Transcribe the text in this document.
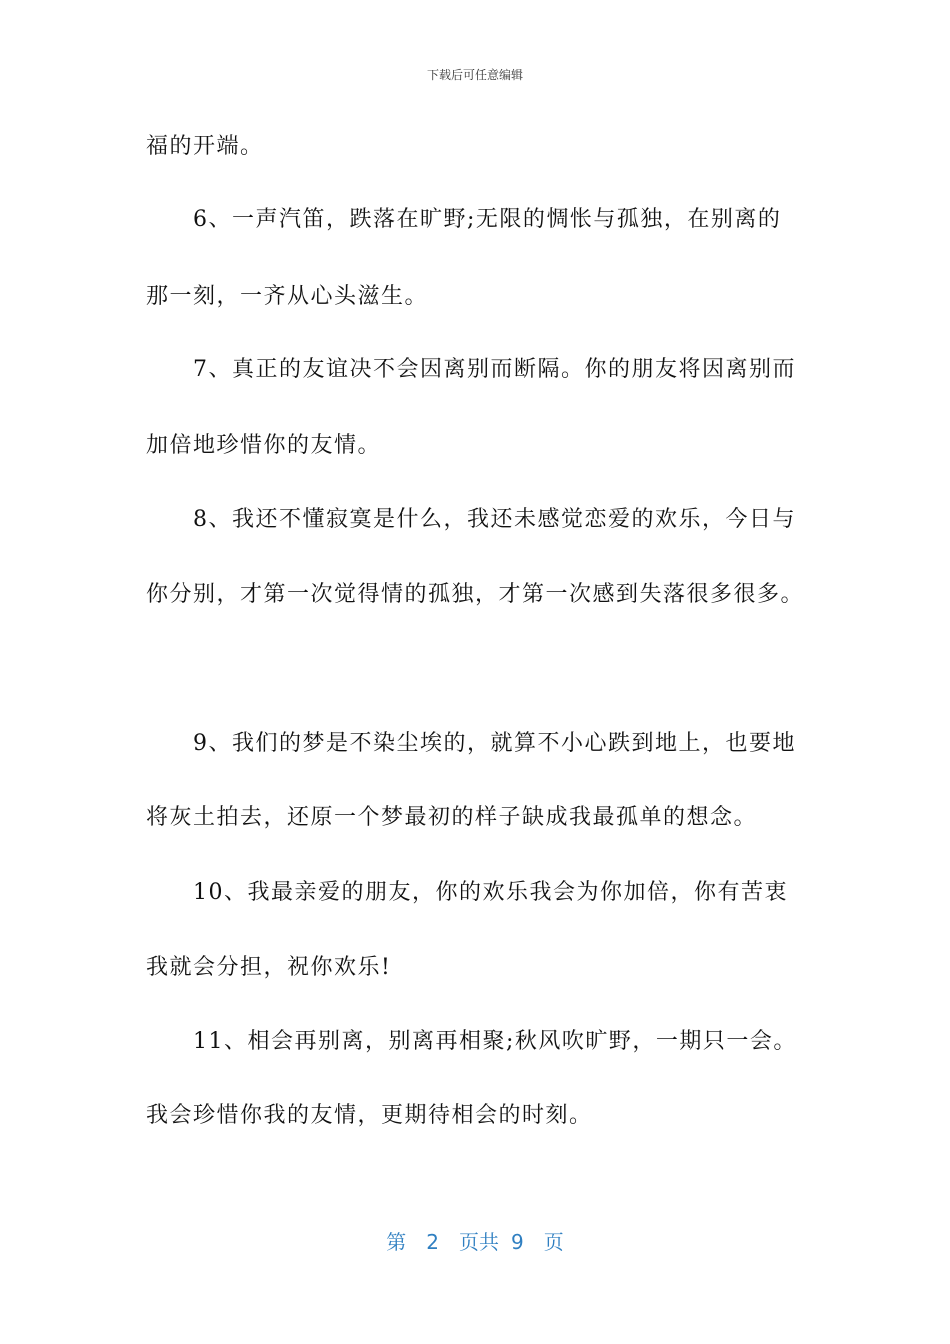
下载后可任意编辑
福的开端。
6、一声汽笛，跌落在旷野;无限的惆怅与孤独，在别离的
那一刻，一齐从心头滋生。
7、真正的友谊决不会因离别而断隔。你的朋友将因离别而
加倍地珍惜你的友情。
8、我还不懂寂寞是什么，我还未感觉恋爱的欢乐，今日与
你分别，才第一次觉得情的孤独，才第一次感到失落很多很多。
9、我们的梦是不染尘埃的，就算不小心跌到地上，也要地
将灰土拍去，还原一个梦最初的样子缺成我最孤单的想念。
10、我最亲爱的朋友，你的欢乐我会为你加倍，你有苦衷
我就会分担，祝你欢乐!
11、相会再别离，别离再相聚;秋风吹旷野，一期只一会。
我会珍惜你我的友情，更期待相会的时刻。
第 2 页共 9 页
